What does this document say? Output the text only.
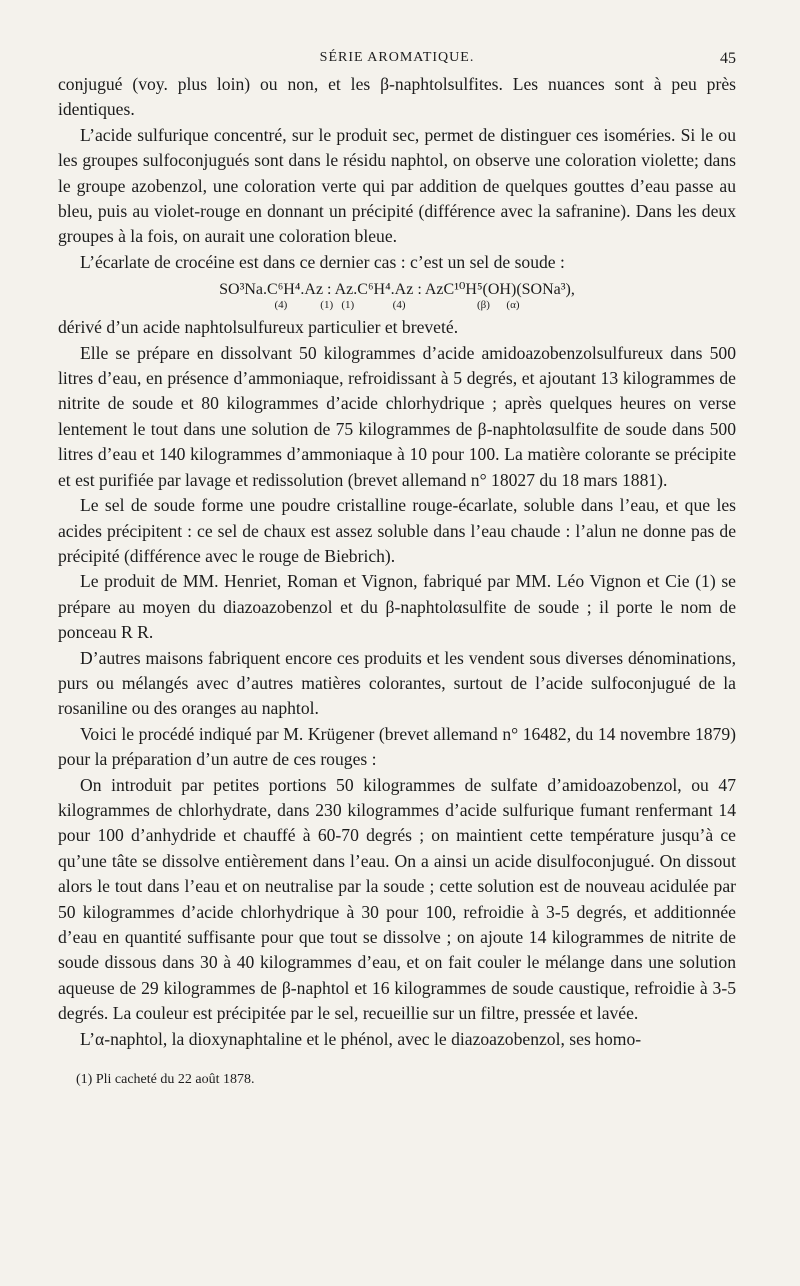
SÉRIE AROMATIQUE.	45

conjugué (voy. plus loin) ou non, et les β-naphtolsulfites. Les nuances sont à peu près identiques.

L’acide sulfurique concentré, sur le produit sec, permet de distinguer ces isoméries. Si le ou les groupes sulfoconjugués sont dans le résidu naphtol, on observe une coloration violette; dans le groupe azobenzol, une coloration verte qui par addition de quelques gouttes d’eau passe au bleu, puis au violet-rouge en donnant un précipité (différence avec la safranine). Dans les deux groupes à la fois, on aurait une coloration bleue.

L’écarlate de crocéine est dans ce dernier cas : c’est un sel de soude :

SO³Na.C⁶H⁴.Az : Az.C⁶H⁴.Az : AzC¹⁰H⁵(OH)(SONa³),
(4)            (1)   (1)              (4)                          (β)      (α)

dérivé d’un acide naphtolsulfureux particulier et breveté.

Elle se prépare en dissolvant 50 kilogrammes d’acide amidoazobenzolsulfureux dans 500 litres d’eau, en présence d’ammoniaque, refroidissant à 5 degrés, et ajoutant 13 kilogrammes de nitrite de soude et 80 kilogrammes d’acide chlorhydrique ; après quelques heures on verse lentement le tout dans une solution de 75 kilogrammes de β-naphtolαsulfite de soude dans 500 litres d’eau et 140 kilogrammes d’ammoniaque à 10 pour 100. La matière colorante se précipite et est purifiée par lavage et redissolution (brevet allemand n° 18027 du 18 mars 1881).

Le sel de soude forme une poudre cristalline rouge-écarlate, soluble dans l’eau, et que les acides précipitent : ce sel de chaux est assez soluble dans l’eau chaude : l’alun ne donne pas de précipité (différence avec le rouge de Biebrich).

Le produit de MM. Henriet, Roman et Vignon, fabriqué par MM. Léo Vignon et Cie (1) se prépare au moyen du diazoazobenzol et du β-naphtolαsulfite de soude ; il porte le nom de ponceau R R.

D’autres maisons fabriquent encore ces produits et les vendent sous diverses dénominations, purs ou mélangés avec d’autres matières colorantes, surtout de l’acide sulfoconjugué de la rosaniline ou des oranges au naphtol.

Voici le procédé indiqué par M. Krügener (brevet allemand n° 16482, du 14 novembre 1879) pour la préparation d’un autre de ces rouges :

On introduit par petites portions 50 kilogrammes de sulfate d’amidoazobenzol, ou 47 kilogrammes de chlorhydrate, dans 230 kilogrammes d’acide sulfurique fumant renfermant 14 pour 100 d’anhydride et chauffé à 60-70 degrés ; on maintient cette température jusqu’à ce qu’une tâte se dissolve entièrement dans l’eau. On a ainsi un acide disulfoconjugué. On dissout alors le tout dans l’eau et on neutralise par la soude ; cette solution est de nouveau acidulée par 50 kilogrammes d’acide chlorhydrique à 30 pour 100, refroidie à 3-5 degrés, et additionnée d’eau en quantité suffisante pour que tout se dissolve ; on ajoute 14 kilogrammes de nitrite de soude dissous dans 30 à 40 kilogrammes d’eau, et on fait couler le mélange dans une solution aqueuse de 29 kilogrammes de β-naphtol et 16 kilogrammes de soude caustique, refroidie à 3-5 degrés. La couleur est précipitée par le sel, recueillie sur un filtre, pressée et lavée.

L’α-naphtol, la dioxynaphtaline et le phénol, avec le diazoazobenzol, ses homo-

(1) Pli cacheté du 22 août 1878.
